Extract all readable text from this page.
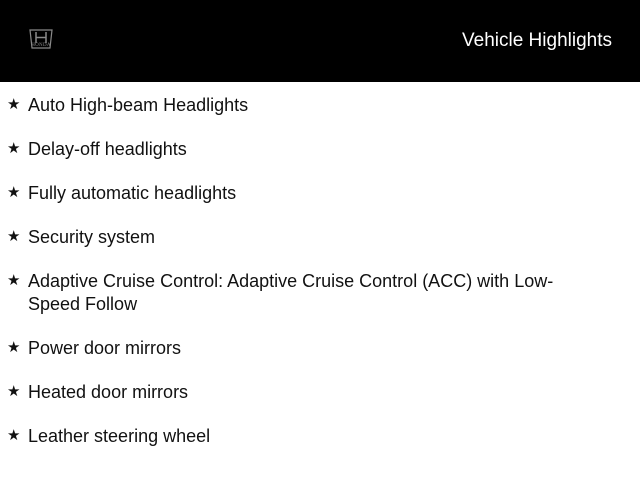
HONDA	Vehicle Highlights
★ Auto High-beam Headlights
★ Delay-off headlights
★ Fully automatic headlights
★ Security system
★ Adaptive Cruise Control: Adaptive Cruise Control (ACC) with Low-Speed Follow
★ Power door mirrors
★ Heated door mirrors
★ Leather steering wheel
